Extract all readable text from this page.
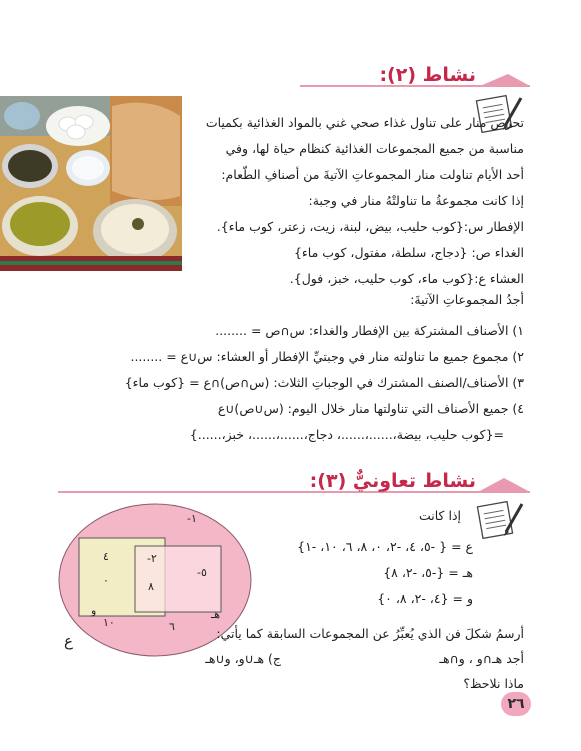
نشاط (٢):
تحرص منار على تناول غذاء صحي غني بالمواد الغذائية بكميات
مناسبة من جميع المجموعات الغذائية كنظام حياة لها، وفي
أحد الأيام تناولت منار المجموعاتِ الآتيةَ من أصنافِ الطّعام:
إذا كانت مجموعةُ ما تناولتْهُ منار في وجبة:
الإفطار س:{كوب حليب، بيض، لبنة، زيت، زعتر، كوب ماء}.
الغداء ص: {دجاج، سلطة، مفتول، كوب ماء}
العشاء ع:{كوب ماء، كوب حليب، خبز، فول}.
أجدُ المجموعاتِ الآتيةَ:
١) الأصناف المشتركة بين الإفطار والغداء: س∩ص = ........
٢) مجموع جميع ما تناولته منار في وجبتيِّ الإفطار أو العشاء: س∪ع = ........
٣) الأصناف/الصنف المشترك في الوجباتِ الثلاث: (س∩ص)∩ع = {كوب ماء}
٤) جميع الأصناف التي تناولتها منار خلال اليوم: (س∪ص)∪ع
={كوب حليب، بيضة،......،......، دجاج،......،......، خبز،......}
نشاط تعاونيٌّ (٣):
إذا كانت
ع = { -٥، ٤، -٢، ٠، ٨، ٦، ١٠، -١}
هـ = {-٥، -٢، ٨}
و = {٤، -٢، ٨، ٠}
-١
٤
٠
-٢
٨
-٥
١٠	٦
و	هـ
ع	أرسمُ شكلَ فن الذي يُعبِّرُ عن المجموعات السابقة كما يأتي:
أجد هـ∩و ، و∩هـ
ج) هـ∪و، و∪هـ
ماذا نلاحظ؟
٢٦
